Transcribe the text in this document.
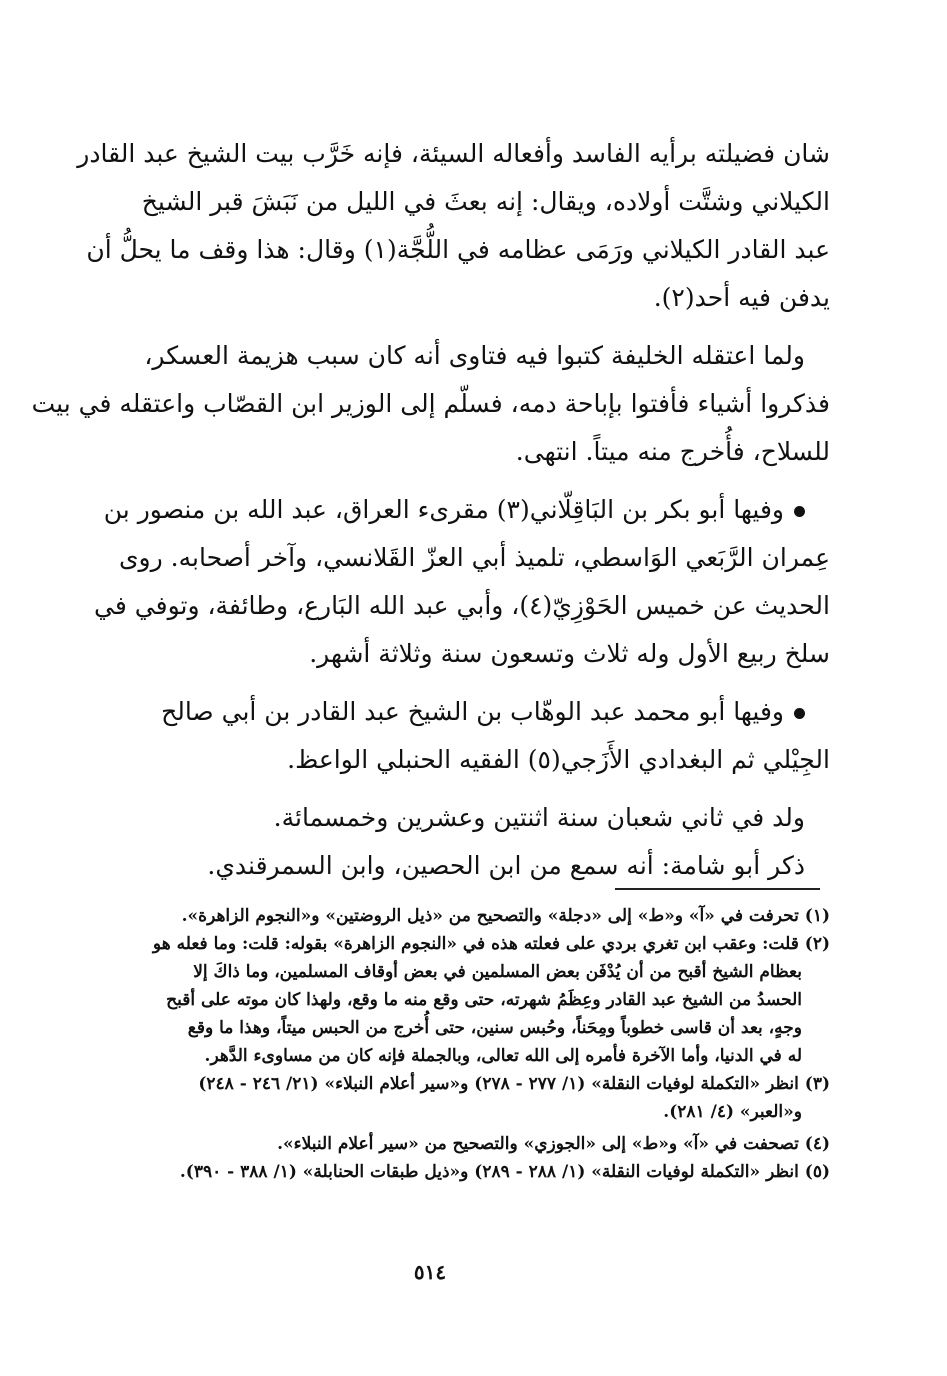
شان فضيلته برأيه الفاسد وأفعاله السيئة، فإنه خَرَّب بيت الشيخ عبد القادر
الكيلاني وشتَّت أولاده، ويقال: إنه بعثَ في الليل من نَبَشَ قبر الشيخ
عبد القادر الكيلاني ورَمَى عظامه في اللُّجَّة(١) وقال: هذا وقف ما يحلُّ أن
يدفن فيه أحد(٢).
ولما اعتقله الخليفة كتبوا فيه فتاوى أنه كان سبب هزيمة العسكر،
فذكروا أشياء فأفتوا بإباحة دمه، فسلّم إلى الوزير ابن القصّاب واعتقله في بيت
للسلاح، فأُخرج منه ميتاً. انتهى.
وفيها أبو بكر بن البَاقِلّاني(٣) مقرىء العراق، عبد الله بن منصور بن
عِمران الرَّبَعي الوَاسطي، تلميذ أبي العزّ القَلانسي، وآخر أصحابه. روى
الحديث عن خميس الحَوْزِيّ(٤)، وأبي عبد الله البَارع، وطائفة، وتوفي في
سلخ ربيع الأول وله ثلاث وتسعون سنة وثلاثة أشهر.
وفيها أبو محمد عبد الوهّاب بن الشيخ عبد القادر بن أبي صالح
الجِيْلي ثم البغدادي الأَزَجي(٥) الفقيه الحنبلي الواعظ.
ولد في ثاني شعبان سنة اثنتين وعشرين وخمسمائة.
ذكر أبو شامة: أنه سمع من ابن الحصين، وابن السمرقندي.
(١) تحرفت في «آ» و«ط» إلى «دجلة» والتصحيح من «ذيل الروضتين» و«النجوم الزاهرة».
(٢) قلت: وعقب ابن تغري بردي على فعلته هذه في «النجوم الزاهرة» بقوله: قلت: وما فعله هو
بعظام الشيخ أقبح من أن يُدْفَن بعض المسلمين في بعض أوقاف المسلمين، وما ذاكَ إلا
الحسدُ من الشيخ عبد القادر وعِظَمُ شهرته، حتى وقع منه ما وقع، ولهذا كان موته على أقبح
وجهٍ، بعد أن قاسى خطوباً ومِحَناً، وحُبس سنين، حتى أُخرج من الحبس ميتاً، وهذا ما وقع
له في الدنيا، وأما الآخرة فأمره إلى الله تعالى، وبالجملة فإنه كان من مساوىء الدَّهر.
(٣) انظر «التكملة لوفيات النقلة» (١/ ٢٧٧ - ٢٧٨) و«سير أعلام النبلاء» (٢١/ ٢٤٦ - ٢٤٨)
و«العبر» (٤/ ٢٨١).
(٤) تصحفت في «آ» و«ط» إلى «الجوزي» والتصحيح من «سير أعلام النبلاء».
(٥) انظر «التكملة لوفيات النقلة» (١/ ٢٨٨ - ٢٨٩) و«ذيل طبقات الحنابلة» (١/ ٣٨٨ - ٣٩٠).
٥١٤
